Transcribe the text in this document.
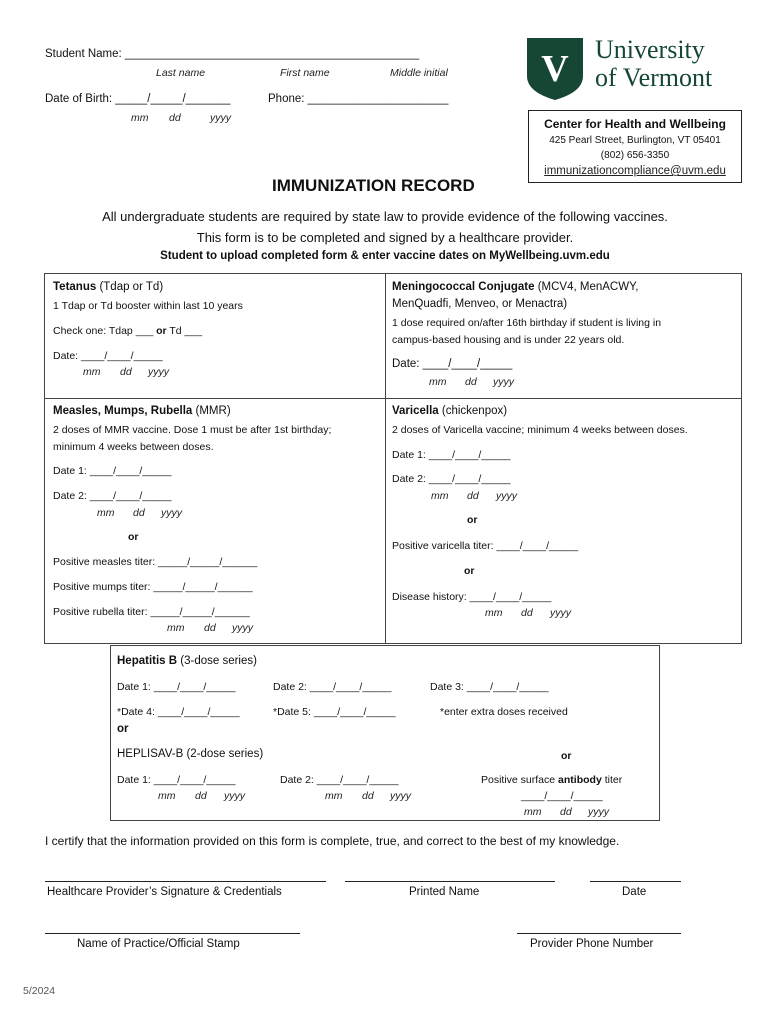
Student Name: ______________________________________________
Last name	First name	Middle initial
Date of Birth: _____/_____/_______	Phone: ______________________
mm dd	yyyy
V University
of Vermont
Center for Health and Wellbeing
425 Pearl Street, Burlington, VT 05401
(802) 656-3350
immunizationcompliance@uvm.edu
IMMUNIZATION RECORD
All undergraduate students are required by state law to provide evidence of the following vaccines.
This form is to be completed and signed by a healthcare provider.
Student to upload completed form & enter vaccine dates on MyWellbeing.uvm.edu
Tetanus (Tdap or Td)
1 Tdap or Td booster within last 10 years
Check one: Tdap ___ or Td ___
Date: ____/____/_____
mm dd yyyy
Meningococcal Conjugate (MCV4, MenACWY,
MenQuadfi, Menveo, or Menactra)
1 dose required on/after 16th birthday if student is living in
campus-based housing and is under 22 years old.
Date: ____/____/_____
mm dd yyyy
Measles, Mumps, Rubella (MMR)
2 doses of MMR vaccine. Dose 1 must be after 1st birthday;
minimum 4 weeks between doses.
Date 1: ____/____/_____
Date 2: ____/____/_____
mm dd yyyy
or
Positive measles titer: _____/_____/______
Positive mumps titer: _____/_____/______
Positive rubella titer: _____/_____/______
mm dd yyyy
Varicella (chickenpox)
2 doses of Varicella vaccine; minimum 4 weeks between doses.
Date 1: ____/____/_____
Date 2: ____/____/_____
mm dd yyyy
or
Positive varicella titer: ____/____/_____
or
Disease history: ____/____/_____
mm dd yyyy
Hepatitis B (3-dose series)
Date 1: ____/____/_____	Date 2: ____/____/_____	Date 3: ____/____/_____
*Date 4: ____/____/_____	*Date 5: ____/____/_____	*enter extra doses received
or
HEPLISAV-B (2-dose series)	or
Date 1: ____/____/_____	Date 2: ____/____/_____	Positive surface antibody titer
mm dd yyyy	mm dd yyyy	____/____/_____
mm dd yyyy
I certify that the information provided on this form is complete, true, and correct to the best of my knowledge.
Healthcare Provider’s Signature & Credentials	Printed Name	Date
Name of Practice/Official Stamp	Provider Phone Number
5/2024
